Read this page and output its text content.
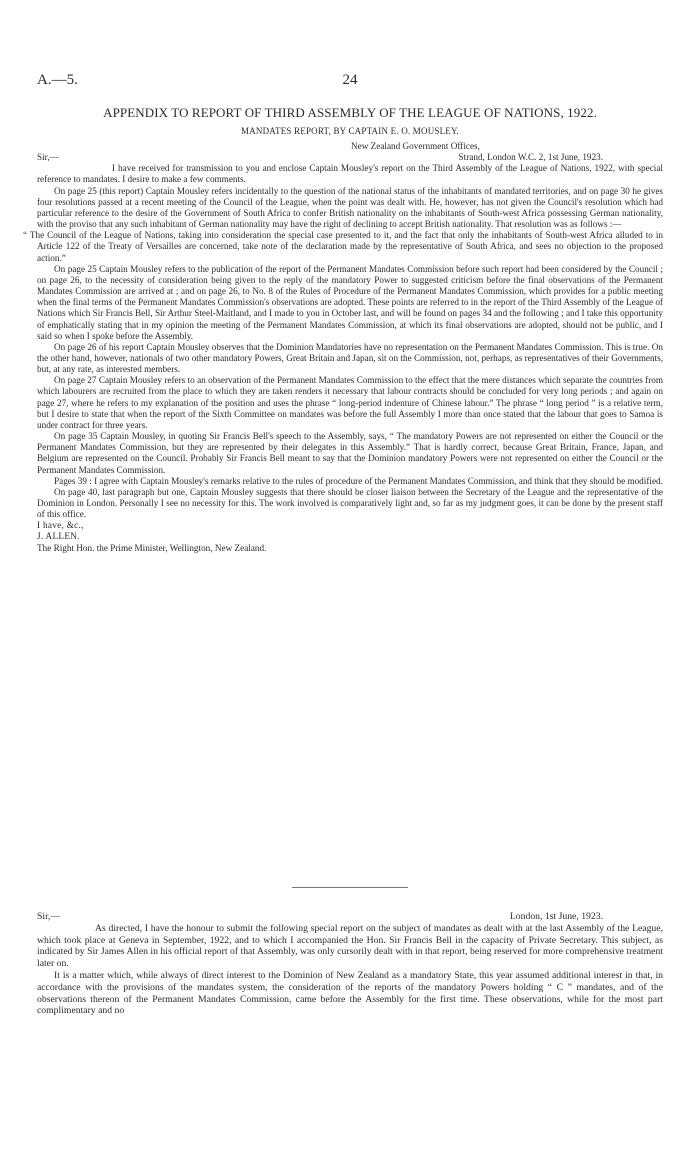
A.—5.	24
APPENDIX TO REPORT OF THIRD ASSEMBLY OF THE LEAGUE OF NATIONS, 1922.
MANDATES REPORT, BY CAPTAIN E. O. MOUSLEY.

New Zealand Government Offices,

Sir,—	Strand, London W.C. 2, 1st June, 1923.

I have received for transmission to you and enclose Captain Mousley's report on the Third Assembly of the League of Nations, 1922, with special reference to mandates. I desire to make a few comments.

On page 25 (this report) Captain Mousley refers incidentally to the question of the national status of the inhabitants of mandated territories, and on page 30 he gives four resolutions passed at a recent meeting of the Council of the League, when the point was dealt with. He, however, has not given the Council's resolution which had particular reference to the desire of the Government of South Africa to confer British nationality on the inhabitants of South-west Africa possessing German nationality, with the proviso that any such inhabitant of German nationality may have the right of declining to accept British nationality. That resolution was as follows :—

“ The Council of the League of Nations, taking into consideration the special case presented to it, and the fact that only the inhabitants of South-west Africa alluded to in Article 122 of the Treaty of Versailles are concerned, take note of the declaration made by the representative of South Africa, and sees no objection to the proposed action.”

On page 25 Captain Mousley refers to the publication of the report of the Permanent Mandates Commission before such report had been considered by the Council ; on page 26, to the necessity of consideration being given to the reply of the mandatory Power to suggested criticism before the final observations of the Permanent Mandates Commission are arrived at ; and on page 26, to No. 8 of the Rules of Procedure of the Permanent Mandates Commission, which provides for a public meeting when the final terms of the Permanent Mandates Commission's observations are adopted. These points are referred to in the report of the Third Assembly of the League of Nations which Sir Francis Bell, Sir Arthur Steel-Maitland, and I made to you in October last, and will be found on pages 34 and the following ; and I take this opportunity of emphatically stating that in my opinion the meeting of the Permanent Mandates Commission, at which its final observations are adopted, should not be public, and I said so when I spoke before the Assembly.

On page 26 of his report Captain Mousley observes that the Dominion Mandatories have no representation on the Permanent Mandates Commission. This is true. On the other hand, however, nationals of two other mandatory Powers, Great Britain and Japan, sit on the Commission, not, perhaps, as representatives of their Governments, but, at any rate, as interested members.

On page 27 Captain Mousley refers to an observation of the Permanent Mandates Commission to the effect that the mere distances which separate the countries from which labourers are recruited from the place to which they are taken renders it necessary that labour contracts should be concluded for very long periods ; and again on page 27, where he refers to my explanation of the position and uses the phrase “ long-period indenture of Chinese labour.” The phrase “ long period ” is a relative term, but I desire to state that when the report of the Sixth Committee on mandates was before the full Assembly I more than once stated that the labour that goes to Samoa is under contract for three years.

On page 35 Captain Mousley, in quoting Sir Francis Bell's speech to the Assembly, says, “ The mandatory Powers are not represented on either the Council or the Permanent Mandates Commission, but they are represented by their delegates in this Assembly.” That is hardly correct, because Great Britain, France, Japan, and Belgium are represented on the Council. Probably Sir Francis Bell meant to say that the Dominion mandatory Powers were not represented on either the Council or the Permanent Mandates Commission.

Pages 39 : I agree with Captain Mousley's remarks relative to the rules of procedure of the Permanent Mandates Commission, and think that they should be modified.

On page 40, last paragraph but one, Captain Mousley suggests that there should be closer liaison between the Secretary of the League and the representative of the Dominion in London. Personally I see no necessity for this. The work involved is comparatively light and, so far as my judgment goes, it can be done by the present staff of this office.

I have, &c.,

J. ALLEN.

The Right Hon. the Prime Minister, Wellington, New Zealand.

Sir,—	London, 1st June, 1923.

As directed, I have the honour to submit the following special report on the subject of mandates as dealt with at the last Assembly of the League, which took place at Geneva in September, 1922, and to which I accompanied the Hon. Sir Francis Bell in the capacity of Private Secretary. This subject, as indicated by Sir James Allen in his official report of that Assembly, was only cursorily dealt with in that report, being reserved for more comprehensive treatment later on.

It is a matter which, while always of direct interest to the Dominion of New Zealand as a mandatory State, this year assumed additional interest in that, in accordance with the provisions of the mandates system, the consideration of the reports of the mandatory Powers holding “ C ” mandates, and of the observations thereon of the Permanent Mandates Commission, came before the Assembly for the first time. These observations, while for the most part complimentary and no
